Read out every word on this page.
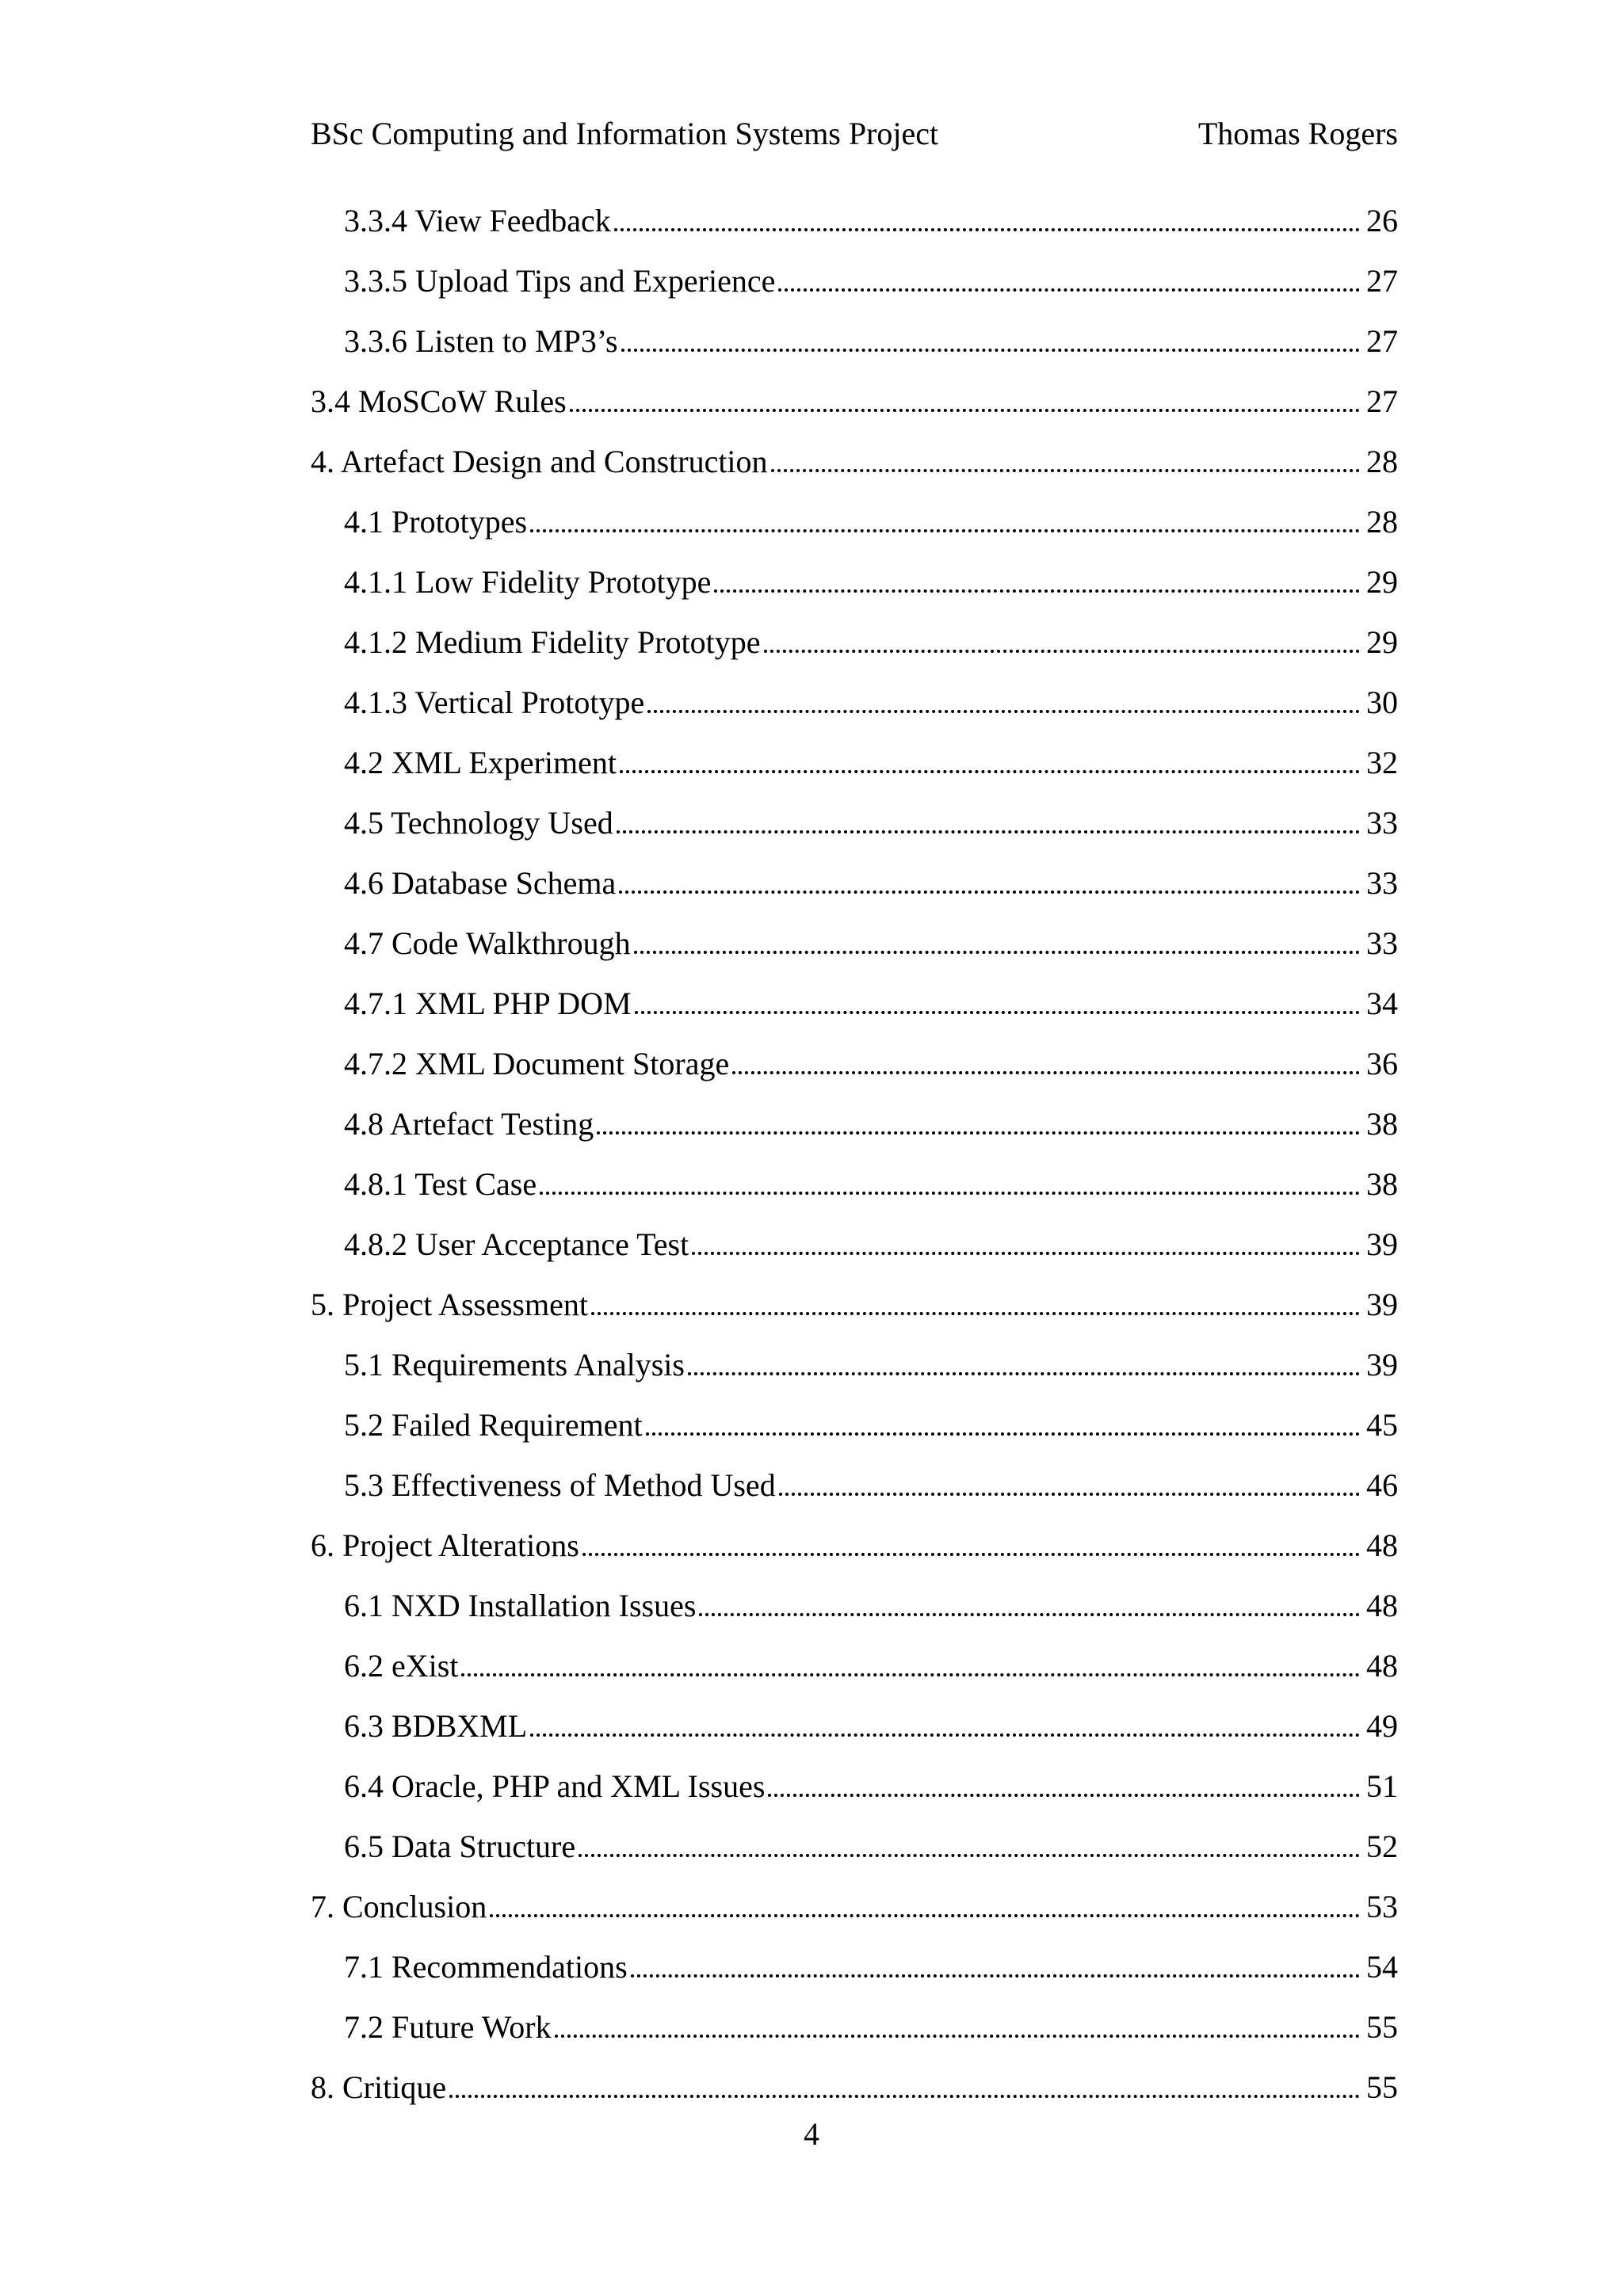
BSc Computing and Information Systems Project	Thomas Rogers
3.3.4 View Feedback	26
3.3.5 Upload Tips and Experience	27
3.3.6 Listen to MP3’s	27
3.4 MoSCoW Rules	27
4. Artefact Design and Construction	28
4.1 Prototypes	28
4.1.1 Low Fidelity Prototype	29
4.1.2 Medium Fidelity Prototype	29
4.1.3 Vertical Prototype	30
4.2 XML Experiment	32
4.5 Technology Used	33
4.6 Database Schema	33
4.7 Code Walkthrough	33
4.7.1 XML PHP DOM	34
4.7.2 XML Document Storage	36
4.8 Artefact Testing	38
4.8.1 Test Case	38
4.8.2 User Acceptance Test	39
5. Project Assessment	39
5.1 Requirements Analysis	39
5.2 Failed Requirement	45
5.3 Effectiveness of Method Used	46
6. Project Alterations	48
6.1 NXD Installation Issues	48
6.2 eXist	48
6.3 BDBXML	49
6.4 Oracle, PHP and XML Issues	51
6.5 Data Structure	52
7. Conclusion	53
7.1 Recommendations	54
7.2 Future Work	55
8. Critique	55
4
